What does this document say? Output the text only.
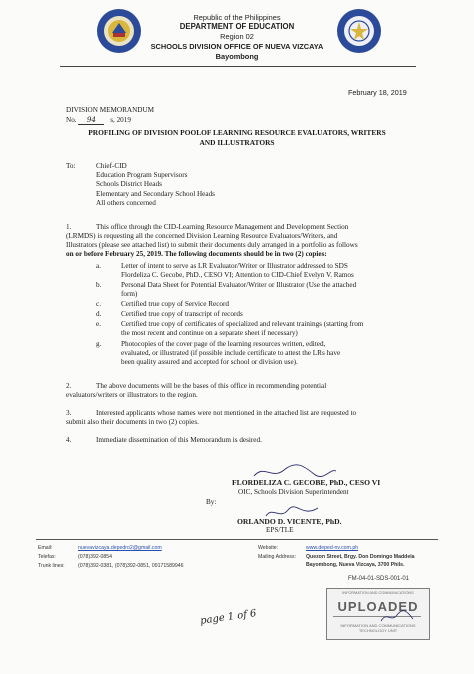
Republic of the Philippines
DEPARTMENT OF EDUCATION
Region 02
SCHOOLS DIVISION OFFICE OF NUEVA VIZCAYA
Bayombong
February 18, 2019
DIVISION MEMORANDUM
No. 94 s, 2019
PROFILING OF DIVISION POOLOF LEARNING RESOURCE EVALUATORS, WRITERS
AND ILLUSTRATORS
To:	Chief-CID
Education Program Supervisors
Schools District Heads
Elementary and Secondary School Heads
All others concerned
1.	This office through the CID-Learning Resource Management and Development Section
(LRMDS) is requesting all the concerned Division Learning Resource Evaluators/Writers, and
Illustrators (please see attached list) to submit their documents duly arranged in a portfolio as follows
on or before February 25, 2019. The following documents should be in two (2) copies:
a.	Letter of intent to serve as LR Evaluator/Writer or Illustrator addressed to SDS
Flordeliza C. Gecobe, PhD., CESO VI; Attention to CID-Chief Evelyn V. Ramos
b.	Personal Data Sheet for Potential Evaluator/Writer or Illustrator (Use the attached
form)
c.	Certified true copy of Service Record
d.	Certified true copy of transcript of records
e.	Certified true copy of certificates of specialized and relevant trainings (starting from
the most recent and continue on a separate sheet if necessary)
g.	Photocopies of the cover page of the learning resources written, edited,
evaluated, or illustrated (if possible include certificate to attest the LRs have
been quality assured and accepted for school or division use).
2.	The above documents will be the bases of this office in recommending potential
evaluators/writers or illustrators to the region.
3.	Interested applicants whose names were not mentioned in the attached list are requested to
submit also their documents in two (2) copies.
4.	Immediate dissemination of this Memorandum is desired.
FLORDELIZA C. GECOBE, PhD., CESO VI
OIC, Schools Division Superintendent
By:
ORLANDO D. VICENTE, PhD.
EPS/TLE
Email:	nuevavizcaya.depedro2@gmail.com
Telefax:	(078)392-0854
Trunk lines:	(078)392-0381, (078)392-0851, 09171589946
Website:	www.deped-nv.com.ph
Mailing Address: Quezon Street, Brgy. Don Domingo Maddela
Bayombong, Nueva Vizcaya, 3700 Phils.
FM-04-01-SDS-001-01
INFORMATION AND COMMUNICATIONS
UPLOADED
INFORMATION AND COMMUNICATIONS
TECHNOLOGY UNIT
page 1 of 6
